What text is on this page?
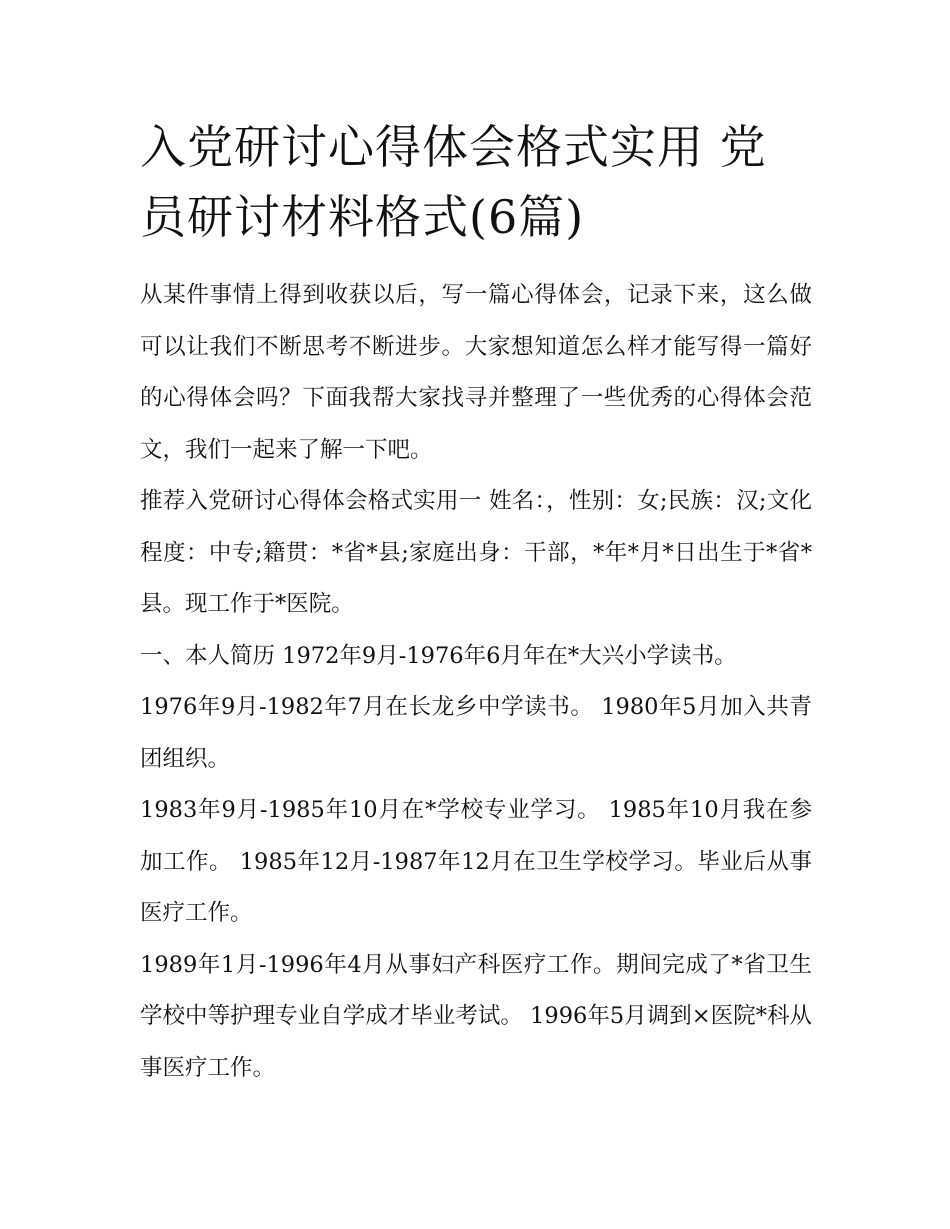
入党研讨心得体会格式实用 党员研讨材料格式(6篇)

从某件事情上得到收获以后，写一篇心得体会，记录下来，这么做可以让我们不断思考不断进步。大家想知道怎么样才能写得一篇好的心得体会吗？下面我帮大家找寻并整理了一些优秀的心得体会范文，我们一起来了解一下吧。

推荐入党研讨心得体会格式实用一 姓名：，性别：女;民族：汉;文化程度：中专;籍贯：*省*县;家庭出身：干部，*年*月*日出生于*省*县。现工作于*医院。

一、本人简历 1972年9月-1976年6月年在*大兴小学读书。

1976年9月-1982年7月在长龙乡中学读书。 1980年5月加入共青团组织。

1983年9月-1985年10月在*学校专业学习。 1985年10月我在参加工作。 1985年12月-1987年12月在卫生学校学习。毕业后从事医疗工作。

1989年1月-1996年4月从事妇产科医疗工作。期间完成了*省卫生学校中等护理专业自学成才毕业考试。 1996年5月调到×医院*科从事医疗工作。
